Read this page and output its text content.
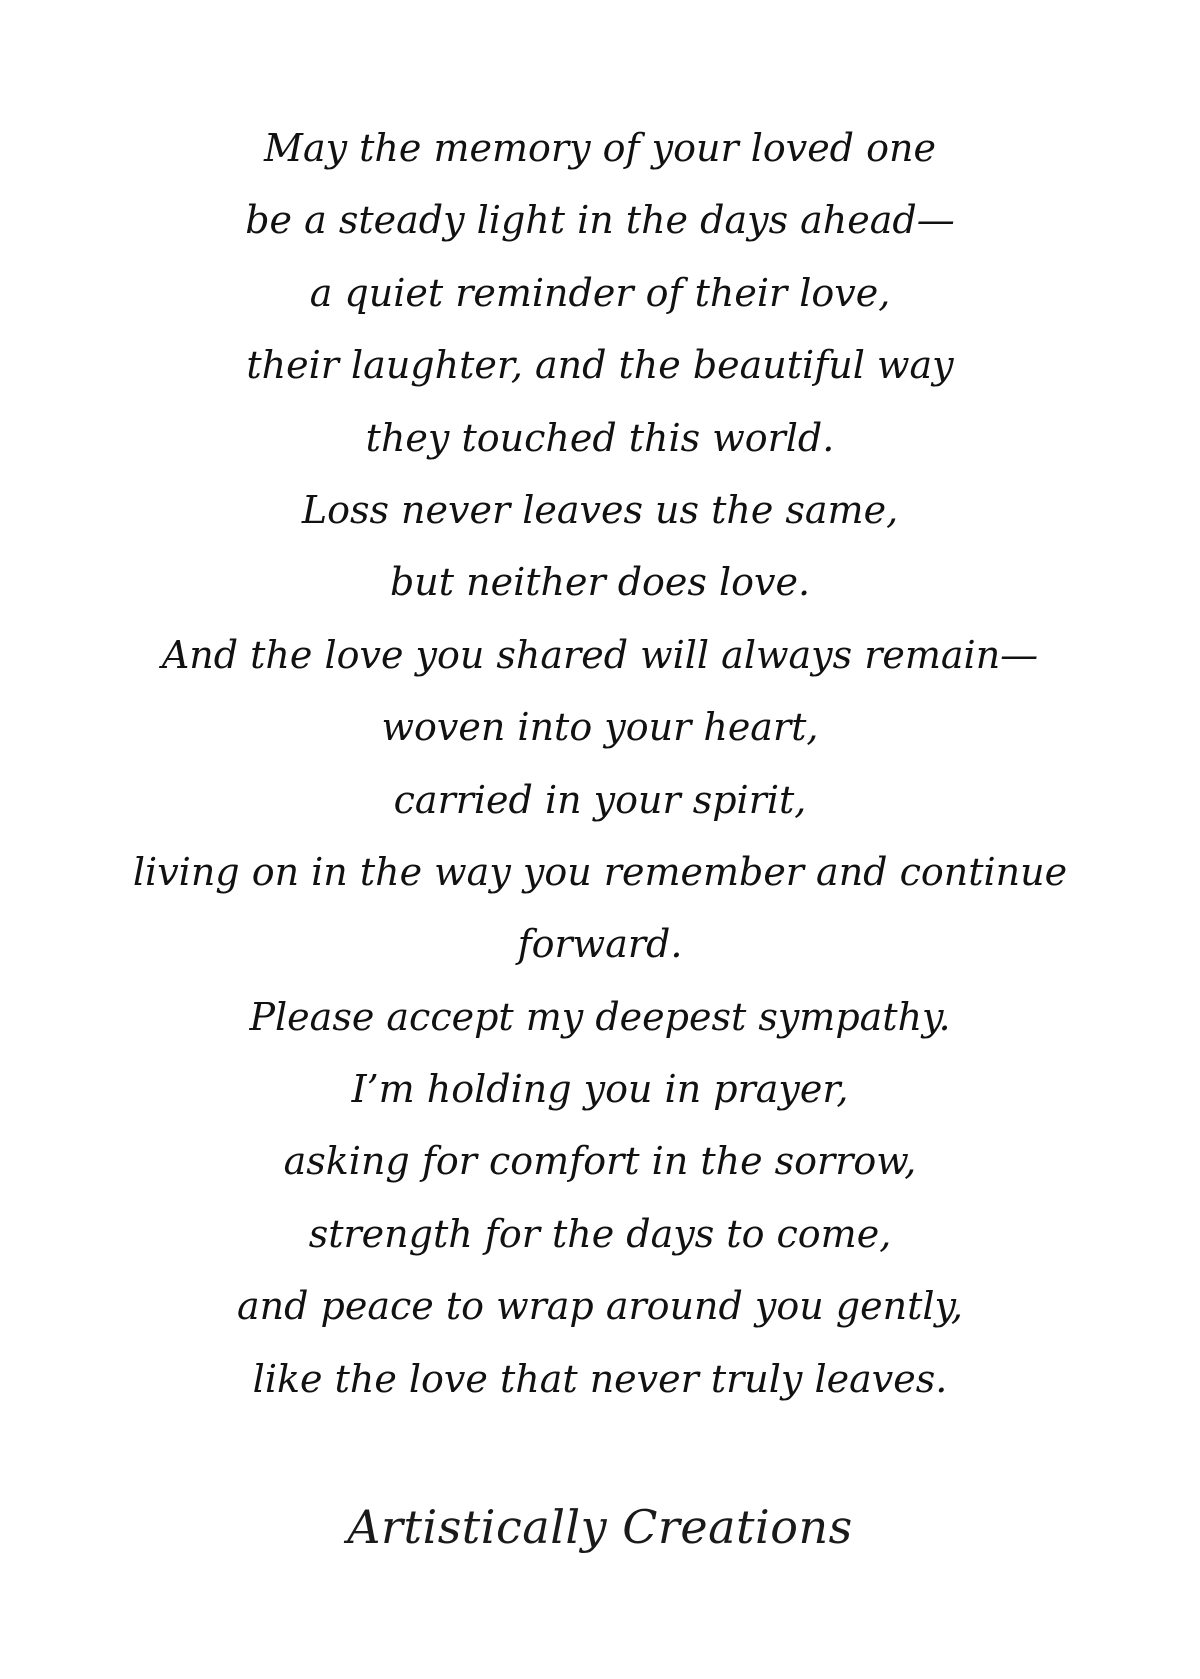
May the memory of your loved one
be a steady light in the days ahead—
a quiet reminder of their love,
their laughter, and the beautiful way
they touched this world.
Loss never leaves us the same,
but neither does love.
And the love you shared will always remain—
woven into your heart,
carried in your spirit,
living on in the way you remember and continue
forward.
Please accept my deepest sympathy.
I’m holding you in prayer,
asking for comfort in the sorrow,
strength for the days to come,
and peace to wrap around you gently,
like the love that never truly leaves.
Artistically Creations
